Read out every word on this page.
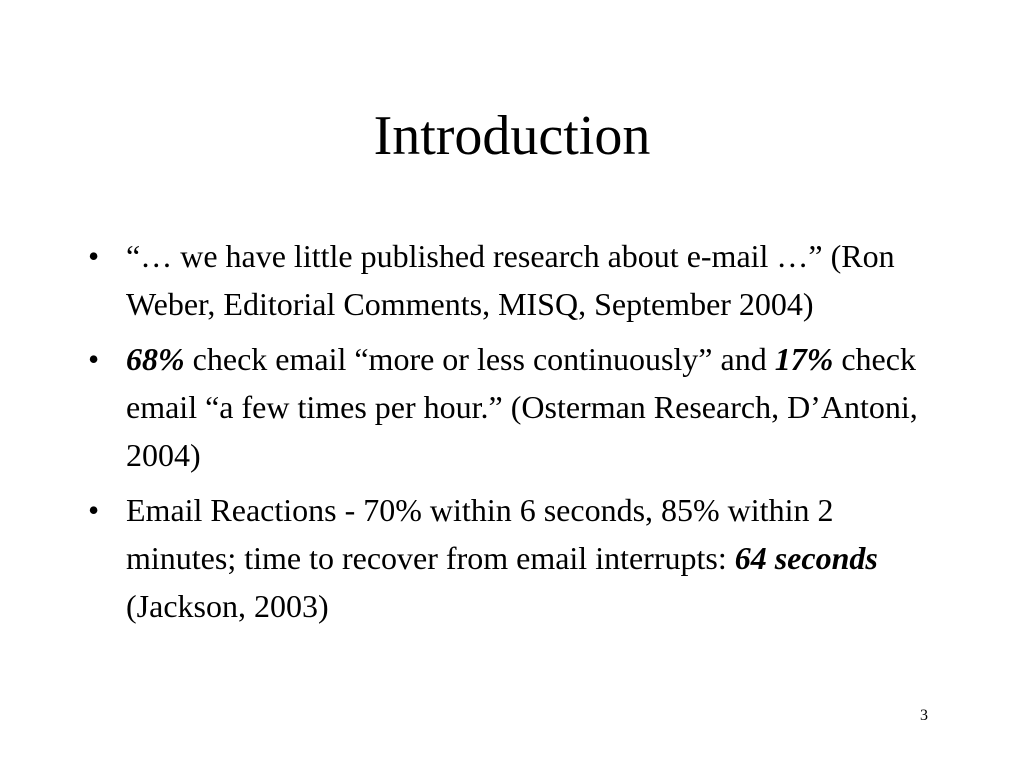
Introduction
• “… we have little published research about e-mail …” (Ron Weber, Editorial Comments, MISQ, September 2004)
• 68% check email “more or less continuously” and 17% check email “a few times per hour.” (Osterman Research, D’Antoni, 2004)
• Email Reactions - 70% within 6 seconds, 85% within 2 minutes; time to recover from email interrupts: 64 seconds (Jackson, 2003)
3
